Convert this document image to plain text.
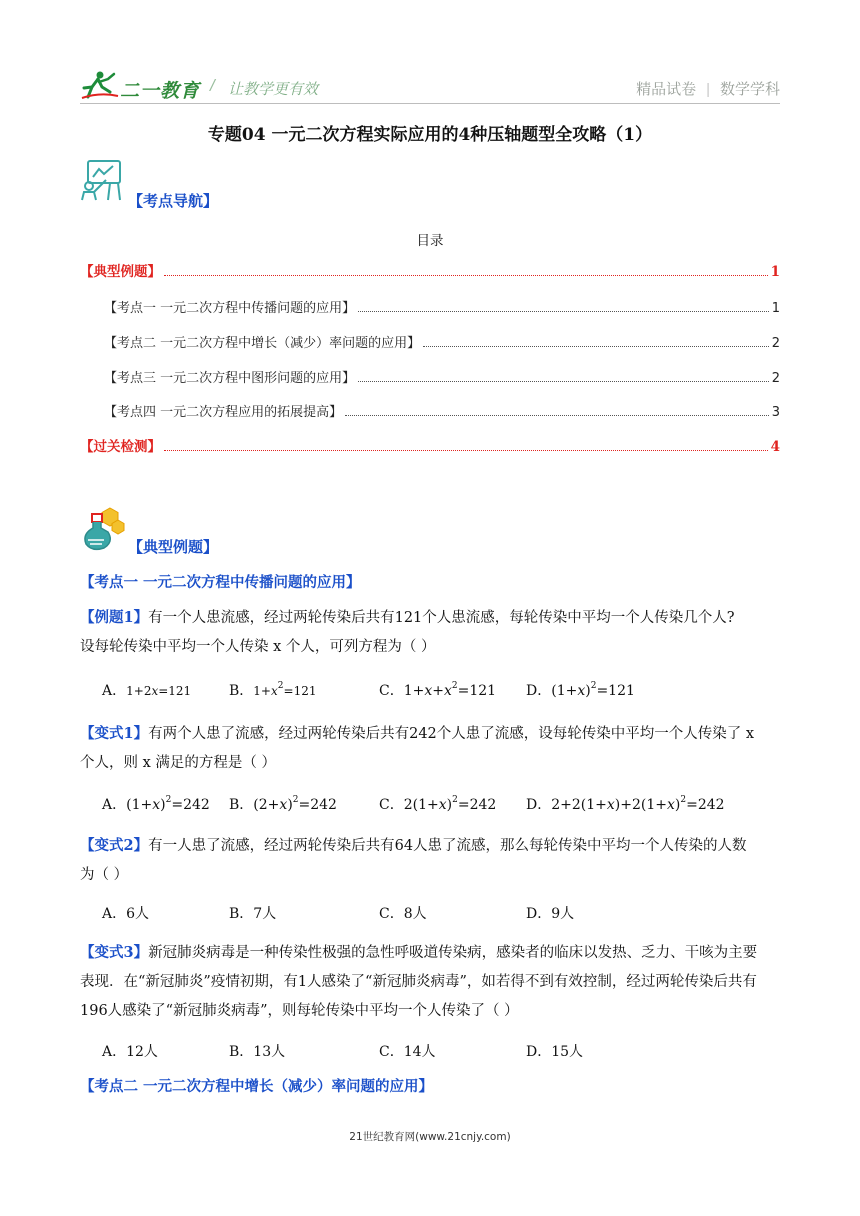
二一教育 / 让教学更有效	精品试卷 | 数学学科
专题04 一元二次方程实际应用的4种压轴题型全攻略（1）
【考点导航】
目录
【典型例题】	1
【考点一 一元二次方程中传播问题的应用】	1
【考点二 一元二次方程中增长（减少）率问题的应用】	2
【考点三 一元二次方程中图形问题的应用】	2
【考点四 一元二次方程应用的拓展提高】	3
【过关检测】	4
【典型例题】
【考点一 一元二次方程中传播问题的应用】
【例题1】有一个人患流感，经过两轮传染后共有121个人患流感，每轮传染中平均一个人传染几个人?
设每轮传染中平均一个人传染 x 个人，可列方程为（ ）
A．1+2x=121	B．$1+x^2=121$	C．$1+x+x^2=121$ D．$(1+x)^2=121$
【变式1】有两个人患了流感，经过两轮传染后共有242个人患了流感，设每轮传染中平均一个人传染了 x
个人，则 x 满足的方程是（ ）
A．$(1+x)^2=242$ B．$(2+x)^2=242$	C．$2(1+x)^2=242$ D．$2+2(1+x)+2(1+x)^2=242$
【变式2】有一人患了流感，经过两轮传染后共有64人患了流感，那么每轮传染中平均一个人传染的人数
为（ ）
A．6人	B．7人	C．8人	D．9人
【变式3】新冠肺炎病毒是一种传染性极强的急性呼吸道传染病，感染者的临床以发热、乏力、干咳为主要
表现．在“新冠肺炎”疫情初期，有1人感染了“新冠肺炎病毒”，如若得不到有效控制，经过两轮传染后共有
196人感染了“新冠肺炎病毒”，则每轮传染中平均一个人传染了（ ）
A．12人	B．13人	C．14人	D．15人
【考点二 一元二次方程中增长（减少）率问题的应用】
21世纪教育网(www.21cnjy.com)
